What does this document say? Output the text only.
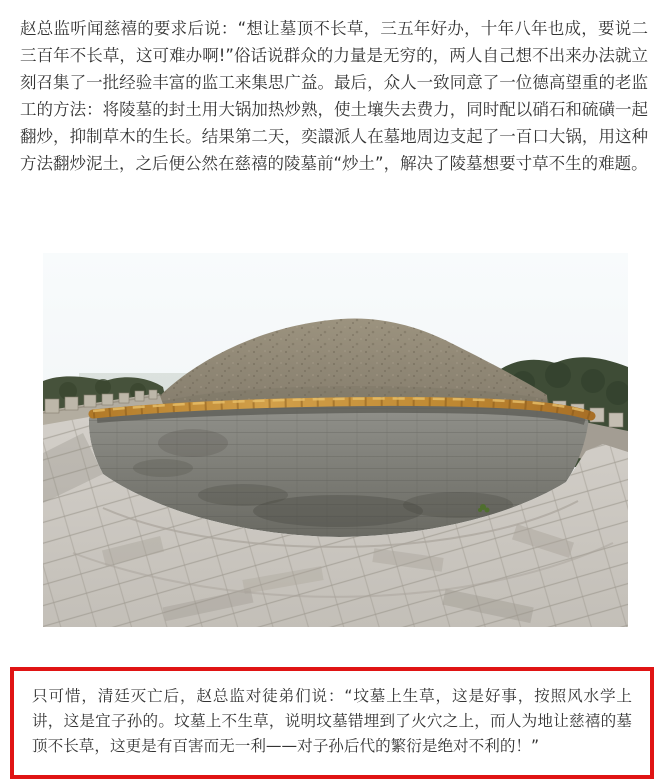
赵总监听闻慈禧的要求后说：“想让墓顶不长草，三五年好办，十年八年也成，要说二三百年不长草，这可难办啊!”俗话说群众的力量是无穷的，两人自己想不出来办法就立刻召集了一批经验丰富的监工来集思广益。最后，众人一致同意了一位德高望重的老监工的方法：将陵墓的封土用大锅加热炒熟，使土壤失去费力，同时配以硝石和硫磺一起翻炒，抑制草木的生长。结果第二天，奕譞派人在墓地周边支起了一百口大锅，用这种方法翻炒泥土，之后便公然在慈禧的陵墓前“炒土”，解决了陵墓想要寸草不生的难题。
只可惜，清廷灭亡后，赵总监对徒弟们说：“坟墓上生草，这是好事，按照风水学上讲，这是宜子孙的。坟墓上不生草，说明坟墓错埋到了火穴之上，而人为地让慈禧的墓顶不长草，这更是有百害而无一利——对子孙后代的繁衍是绝对不利的！”
